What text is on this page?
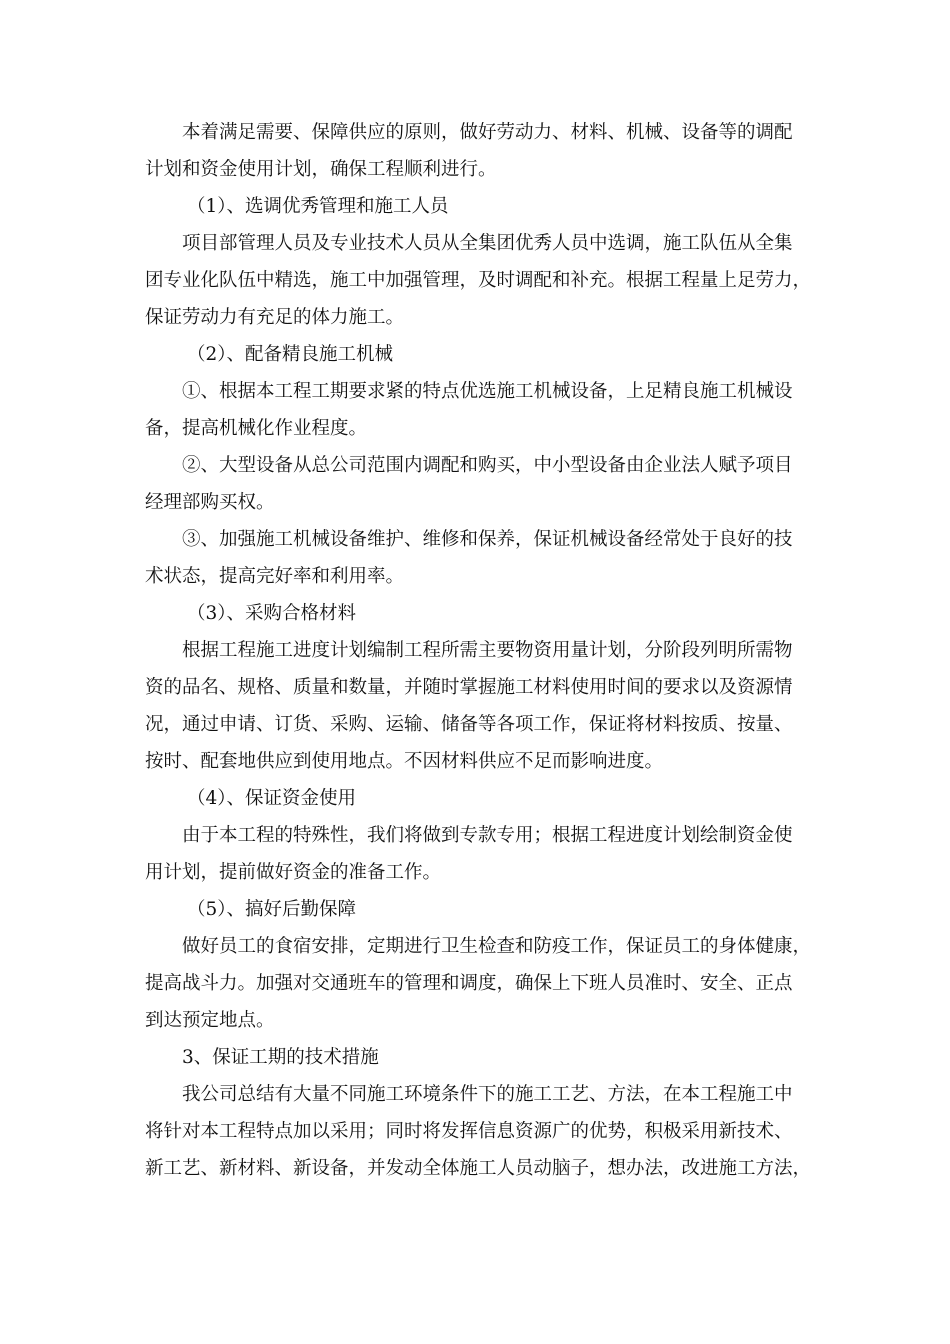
本着满足需要、保障供应的原则，做好劳动力、材料、机械、设备等的调配
计划和资金使用计划，确保工程顺利进行。
（1）、选调优秀管理和施工人员
项目部管理人员及专业技术人员从全集团优秀人员中选调，施工队伍从全集
团专业化队伍中精选，施工中加强管理，及时调配和补充。根据工程量上足劳力，
保证劳动力有充足的体力施工。
（2）、配备精良施工机械
①、根据本工程工期要求紧的特点优选施工机械设备，上足精良施工机械设
备，提高机械化作业程度。
②、大型设备从总公司范围内调配和购买，中小型设备由企业法人赋予项目
经理部购买权。
③、加强施工机械设备维护、维修和保养，保证机械设备经常处于良好的技
术状态，提高完好率和利用率。
（3）、采购合格材料
根据工程施工进度计划编制工程所需主要物资用量计划，分阶段列明所需物
资的品名、规格、质量和数量，并随时掌握施工材料使用时间的要求以及资源情
况，通过申请、订货、采购、运输、储备等各项工作，保证将材料按质、按量、
按时、配套地供应到使用地点。不因材料供应不足而影响进度。
（4）、保证资金使用
由于本工程的特殊性，我们将做到专款专用；根据工程进度计划绘制资金使
用计划，提前做好资金的准备工作。
（5）、搞好后勤保障
做好员工的食宿安排，定期进行卫生检查和防疫工作，保证员工的身体健康，
提高战斗力。加强对交通班车的管理和调度，确保上下班人员准时、安全、正点
到达预定地点。
3、保证工期的技术措施
我公司总结有大量不同施工环境条件下的施工工艺、方法，在本工程施工中
将针对本工程特点加以采用；同时将发挥信息资源广的优势，积极采用新技术、
新工艺、新材料、新设备，并发动全体施工人员动脑子，想办法，改进施工方法，
